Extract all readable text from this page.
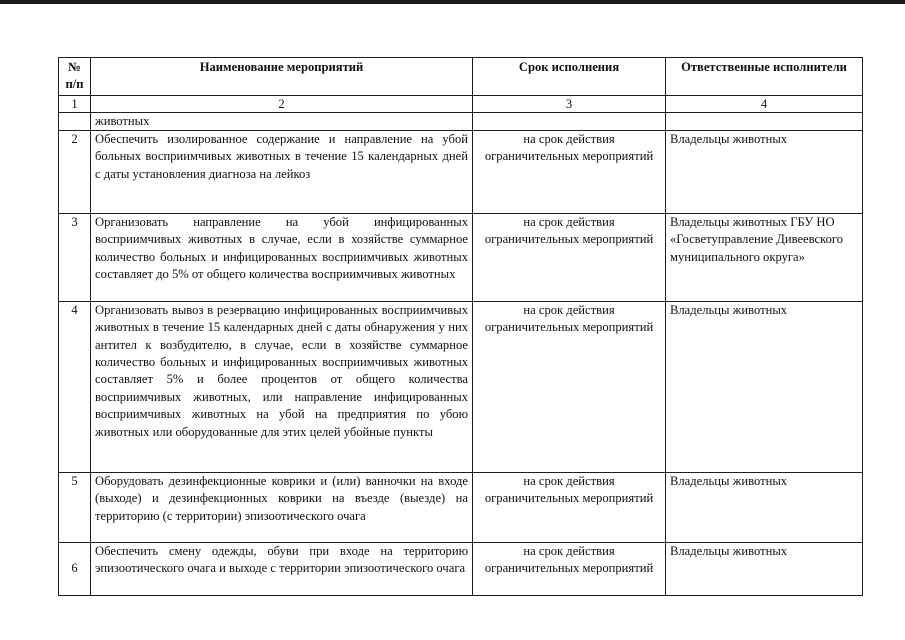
№ п/п	Наименование мероприятий	Срок исполнения	Ответственные исполнители
1	2	3	4
	животных		
2	Обеспечить изолированное содержание и направление на убой больных восприимчивых животных в течение 15 календарных дней с даты установления диагноза на лейкоз	на срок действия ограничительных мероприятий	Владельцы животных
3	Организовать направление на убой инфицированных восприимчивых животных в случае, если в хозяйстве суммарное количество больных и инфицированных восприимчивых животных составляет до 5% от общего количества восприимчивых животных	на срок действия ограничительных мероприятий	Владельцы животных ГБУ НО «Госветуправление Дивеевского муниципального округа»
4	Организовать вывоз в резервацию инфицированных восприимчивых животных в течение 15 календарных дней с даты обнаружения у них антител к возбудителю, в случае, если в хозяйстве суммарное количество больных и инфицированных восприимчивых животных составляет 5% и более процентов от общего количества восприимчивых животных, или направление инфицированных восприимчивых животных на убой на предприятия по убою животных или оборудованные для этих целей убойные пункты	на срок действия ограничительных мероприятий	Владельцы животных
5	Оборудовать дезинфекционные коврики и (или) ванночки на входе (выходе) и дезинфекционных коврики на въезде (выезде) на территорию (с территории) эпизоотического очага	на срок действия ограничительных мероприятий	Владельцы животных
6	Обеспечить смену одежды, обуви при входе на территорию эпизоотического очага и выходе с территории эпизоотического очага	на срок действия ограничительных мероприятий	Владельцы животных
